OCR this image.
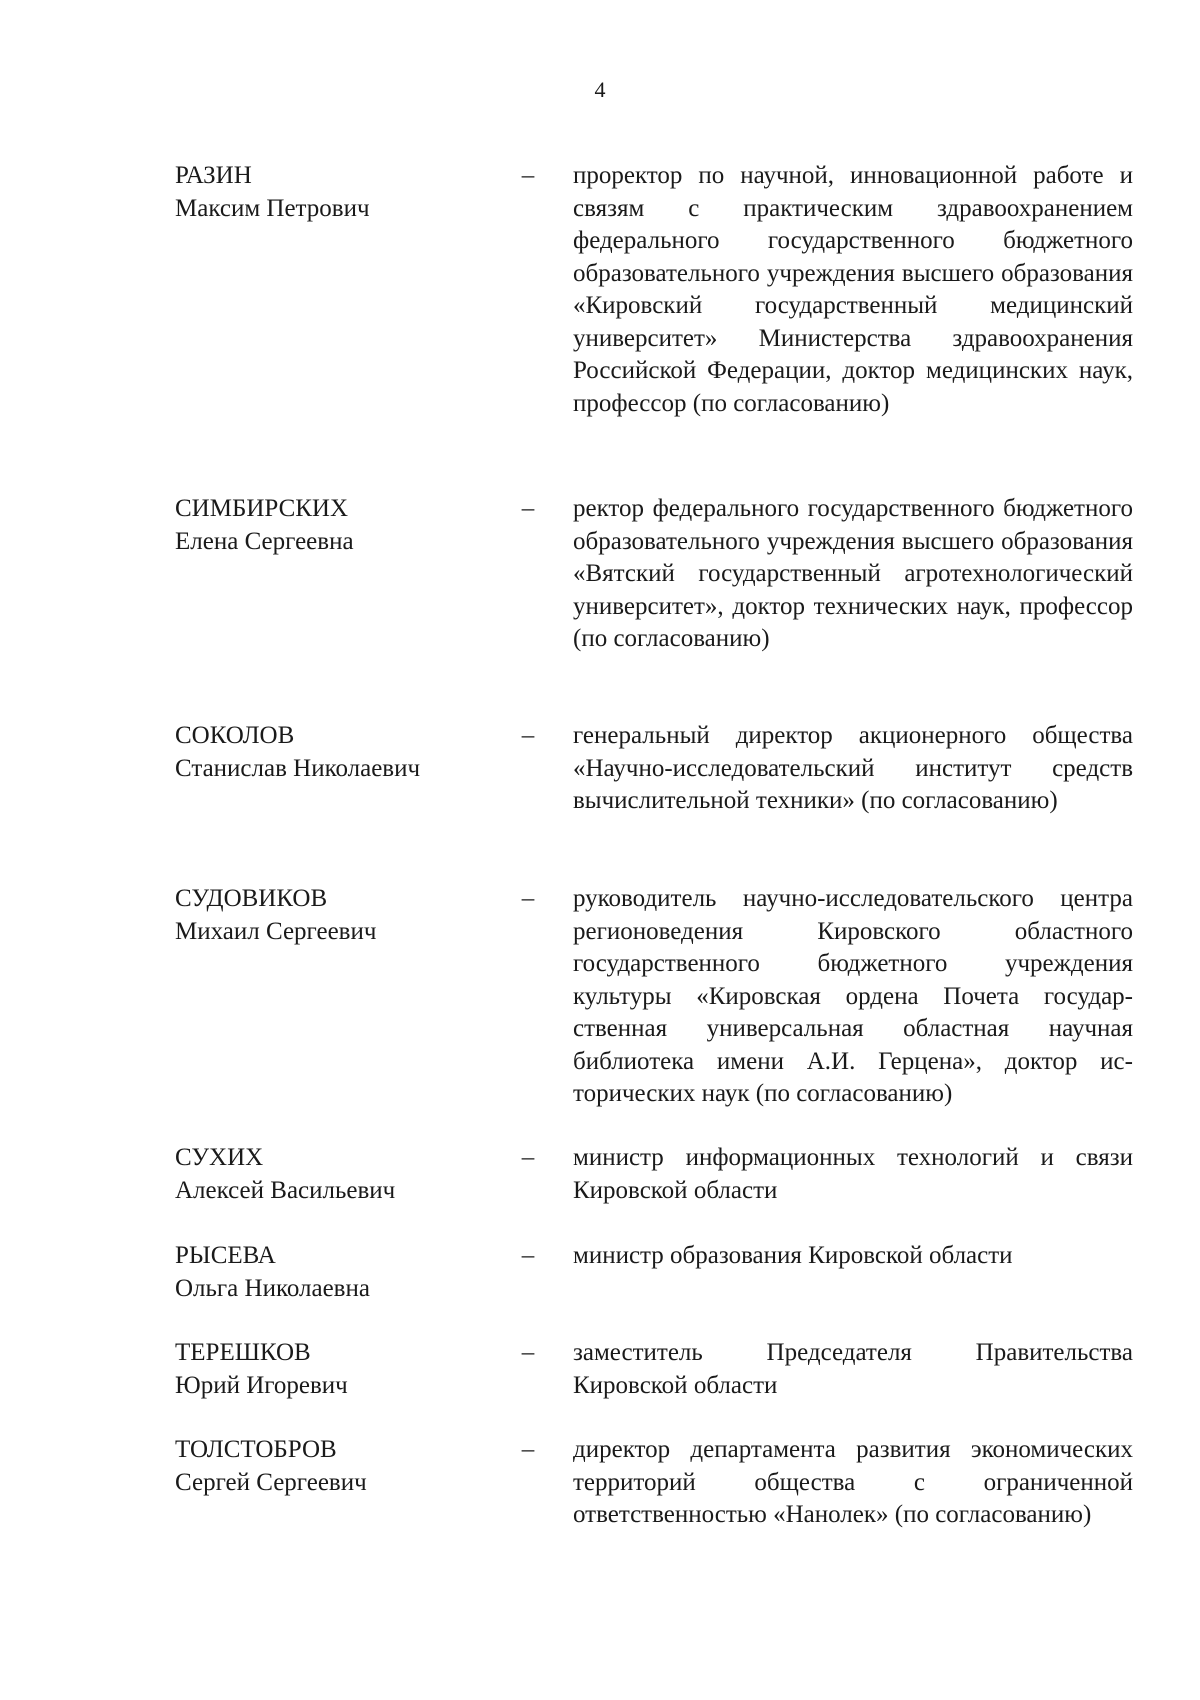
4
РАЗИН
Максим Петрович
– проректор по научной, инновационной работе и связям с практическим здравоохранением федерального государственного бюджетного образовательного учреждения высшего образования «Кировский государственный медицинский университет» Министерства здравоохранения Российской Федерации, доктор медицинских наук, профессор (по согласованию)
СИМБИРСКИХ
Елена Сергеевна
– ректор федерального государственного бюджетного образовательного учреждения высшего образования «Вятский государственный агротехнологический университет», доктор технических наук, профессор (по согласованию)
СОКОЛОВ
Станислав Николаевич
– генеральный директор акционерного общества «Научно-исследовательский институт средств вычислительной техники» (по согласованию)
СУДОВИКОВ
Михаил Сергеевич
– руководитель научно-исследовательского центра регионоведения Кировского областного государственного бюджетного учреждения культуры «Кировская ордена Почета государственная универсальная областная научная библиотека имени А.И. Герцена», доктор исторических наук (по согласованию)
СУХИХ
Алексей Васильевич
– министр информационных технологий и связи Кировской области
РЫСЕВА
Ольга Николаевна
– министр образования Кировской области
ТЕРЕШКОВ
Юрий Игоревич
– заместитель Председателя Правительства Кировской области
ТОЛСТОБРОВ
Сергей Сергеевич
– директор департамента развития экономических территорий общества с ограниченной ответственностью «Нанолек» (по согласованию)
